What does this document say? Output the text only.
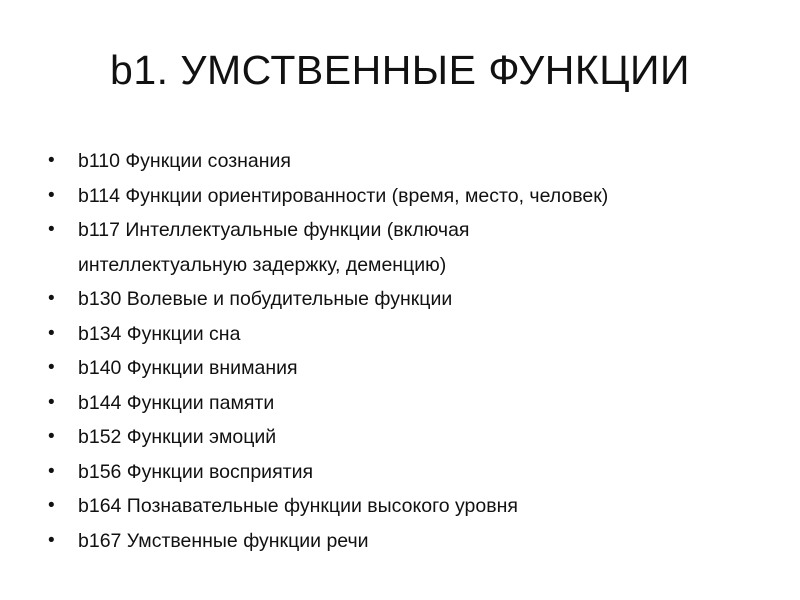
b1. УМСТВЕННЫЕ ФУНКЦИИ
• b110 Функции сознания
• b114 Функции ориентированности (время, место, человек)
• b117 Интеллектуальные функции (включая
интеллектуальную задержку, деменцию)
• b130 Волевые и побудительные функции
• b134 Функции сна
• b140 Функции внимания
• b144 Функции памяти
• b152 Функции эмоций
• b156 Функции восприятия
• b164 Познавательные функции высокого уровня
• b167 Умственные функции речи
